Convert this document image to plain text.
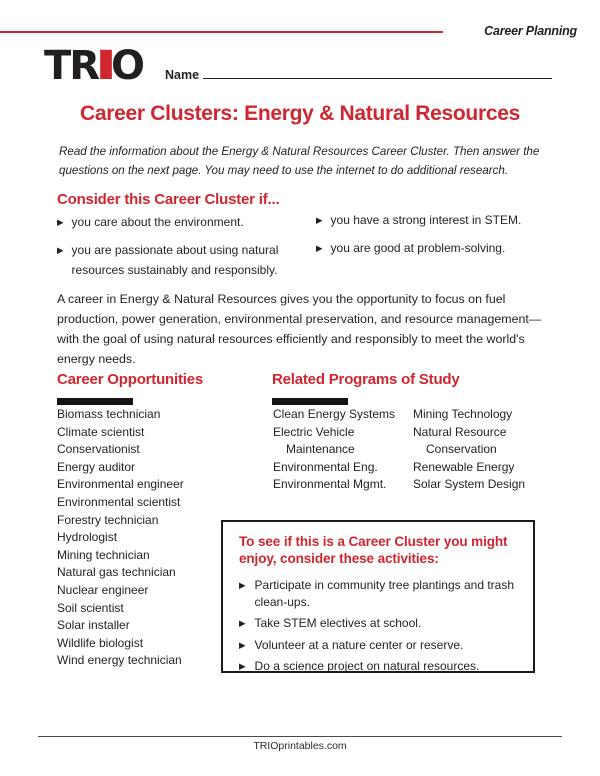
Career Planning
TRIO Name
Career Clusters: Energy & Natural Resources
Read the information about the Energy & Natural Resources Career Cluster. Then answer the questions on the next page. You may need to use the internet to do additional research.
Consider this Career Cluster if...
▶ you care about the environment.
▶ you are passionate about using natural resources sustainably and responsibly.
▶ you have a strong interest in STEM.
▶ you are good at problem-solving.
A career in Energy & Natural Resources gives you the opportunity to focus on fuel production, power generation, environmental preservation, and resource management—with the goal of using natural resources efficiently and responsibly to meet the world's energy needs.
Career Opportunities	Related Programs of Study
Biomass technician
Climate scientist
Conservationist
Energy auditor
Environmental engineer
Environmental scientist
Forestry technician
Hydrologist
Mining technician
Natural gas technician
Nuclear engineer
Soil scientist
Solar installer
Wildlife biologist
Wind energy technician
Clean Energy Systems
Electric Vehicle Maintenance
Environmental Eng.
Environmental Mgmt.
Mining Technology
Natural Resource Conservation
Renewable Energy
Solar System Design
To see if this is a Career Cluster you might enjoy, consider these activities:
▶ Participate in community tree plantings and trash clean-ups.
▶ Take STEM electives at school.
▶ Volunteer at a nature center or reserve.
▶ Do a science project on natural resources.
TRIOprintables.com
